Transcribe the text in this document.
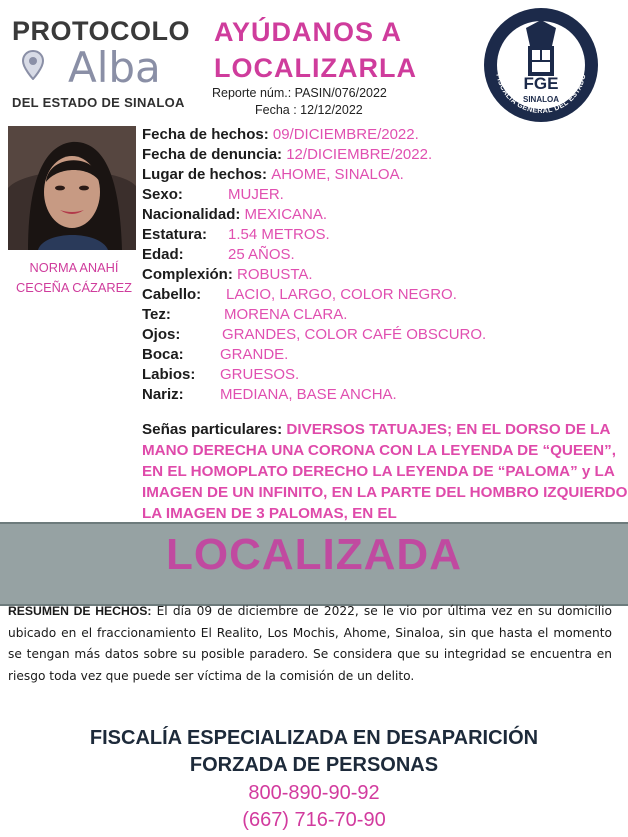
PROTOCOLO
Alba
DEL ESTADO DE SINALOA
AYÚDANOS A
LOCALIZARLA
Reporte núm.: PASIN/076/2022
Fecha : 12/12/2022
FGE
SINALOA
FISCALÍA GENERAL DEL ESTADO
NORMA ANAHÍ
CECEÑA CÁZAREZ
Fecha de hechos: 09/DICIEMBRE/2022.
Fecha de denuncia: 12/DICIEMBRE/2022.
Lugar de hechos: AHOME, SINALOA.
Sexo:	MUJER.
Nacionalidad: MEXICANA.
Estatura: 1.54 METROS.
Edad:	25 AÑOS.
Complexión: ROBUSTA.
Cabello: LACIO, LARGO, COLOR NEGRO.
Tez:	MORENA CLARA.
Ojos:	GRANDES, COLOR CAFÉ OBSCURO.
Boca: GRANDE.
Labios: GRUESOS.
Nariz: MEDIANA, BASE ANCHA.
Señas particulares: DIVERSOS TATUAJES; EN EL DORSO DE LA MANO DERECHA UNA CORONA CON LA LEYENDA DE “QUEEN”, EN EL HOMOPLATO DERECHO LA LEYENDA DE “PALOMA” y LA IMAGEN DE UN INFINITO, EN LA PARTE DEL HOMBRO IZQUIERDO LA IMAGEN DE 3 PALOMAS, EN EL
LOCALIZADA
RESUMEN DE HECHOS: El día 09 de diciembre de 2022, se le vio por última vez en su domicilio ubicado en el fraccionamiento El Realito, Los Mochis, Ahome, Sinaloa, sin que hasta el momento se tengan más datos sobre su posible paradero. Se considera que su integridad se encuentra en riesgo toda vez que puede ser víctima de la comisión de un delito.
FISCALÍA ESPECIALIZADA EN DESAPARICIÓN
FORZADA DE PERSONAS
800-890-90-92
(667) 716-70-90
